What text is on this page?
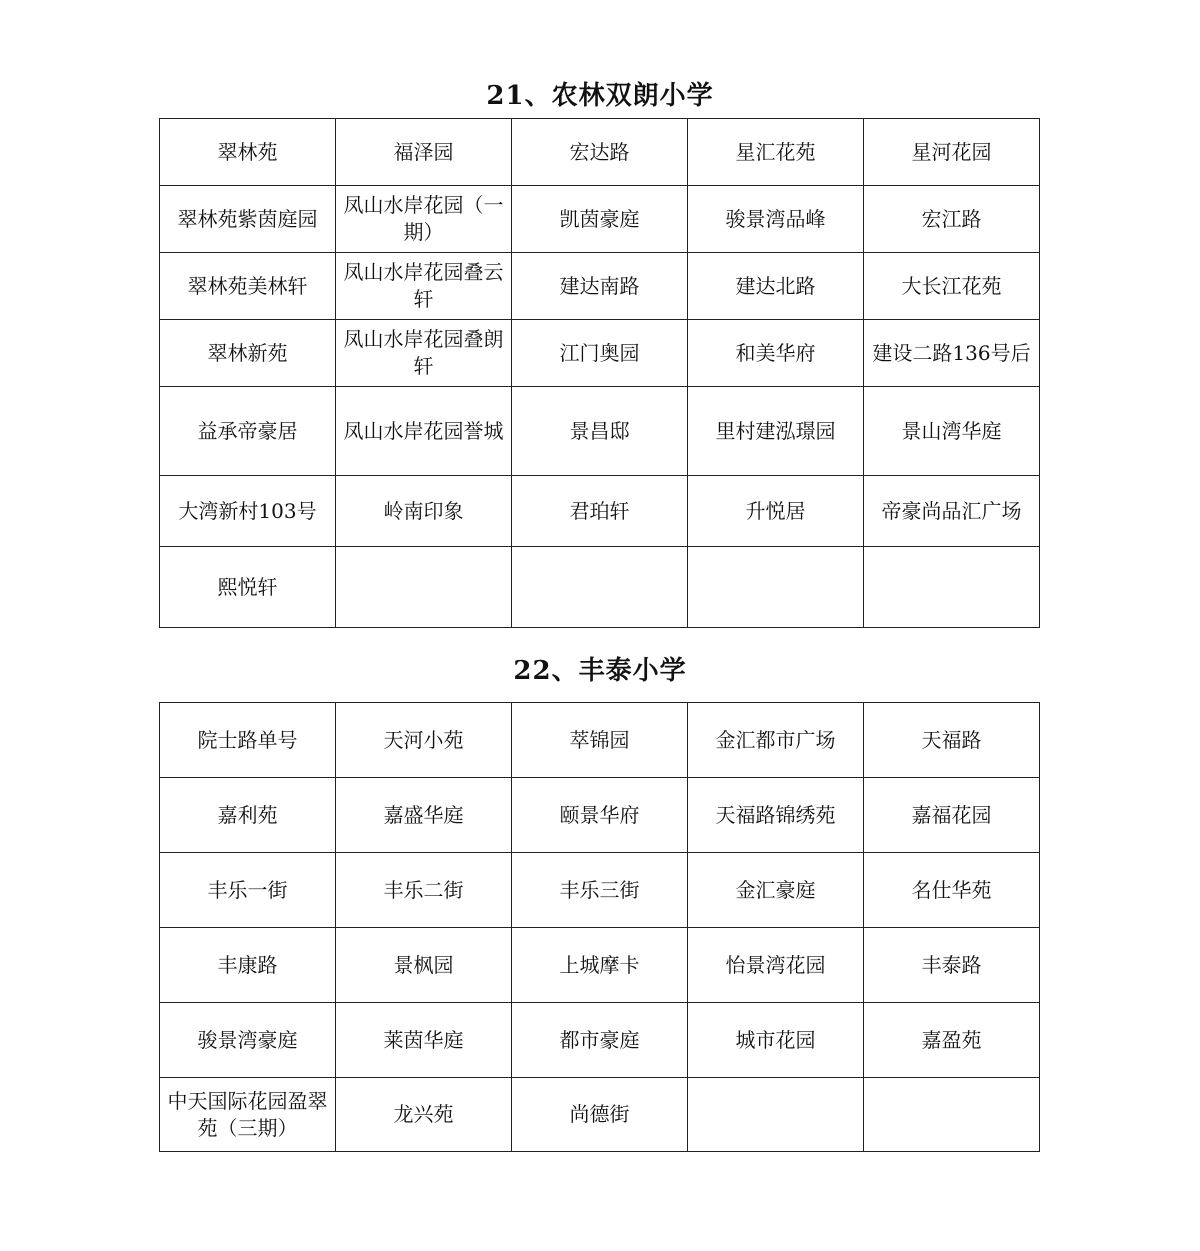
21、农林双朗小学
翠林苑	福泽园	宏达路	星汇花苑	星河花园
翠林苑紫茵庭园	凤山水岸花园（一期）	凯茵豪庭	骏景湾品峰	宏江路
翠林苑美林轩	凤山水岸花园叠云轩	建达南路	建达北路	大长江花苑
翠林新苑	凤山水岸花园叠朗轩	江门奥园	和美华府	建设二路136号后
益承帝豪居	凤山水岸花园誉城	景昌邸	里村建泓璟园	景山湾华庭
大湾新村103号	岭南印象	君珀轩	升悦居	帝豪尚品汇广场
熙悦轩				
22、丰泰小学
院士路单号	天河小苑	萃锦园	金汇都市广场	天福路
嘉利苑	嘉盛华庭	颐景华府	天福路锦绣苑	嘉福花园
丰乐一街	丰乐二街	丰乐三街	金汇豪庭	名仕华苑
丰康路	景枫园	上城摩卡	怡景湾花园	丰泰路
骏景湾豪庭	莱茵华庭	都市豪庭	城市花园	嘉盈苑
中天国际花园盈翠苑（三期）	龙兴苑	尚德街		
